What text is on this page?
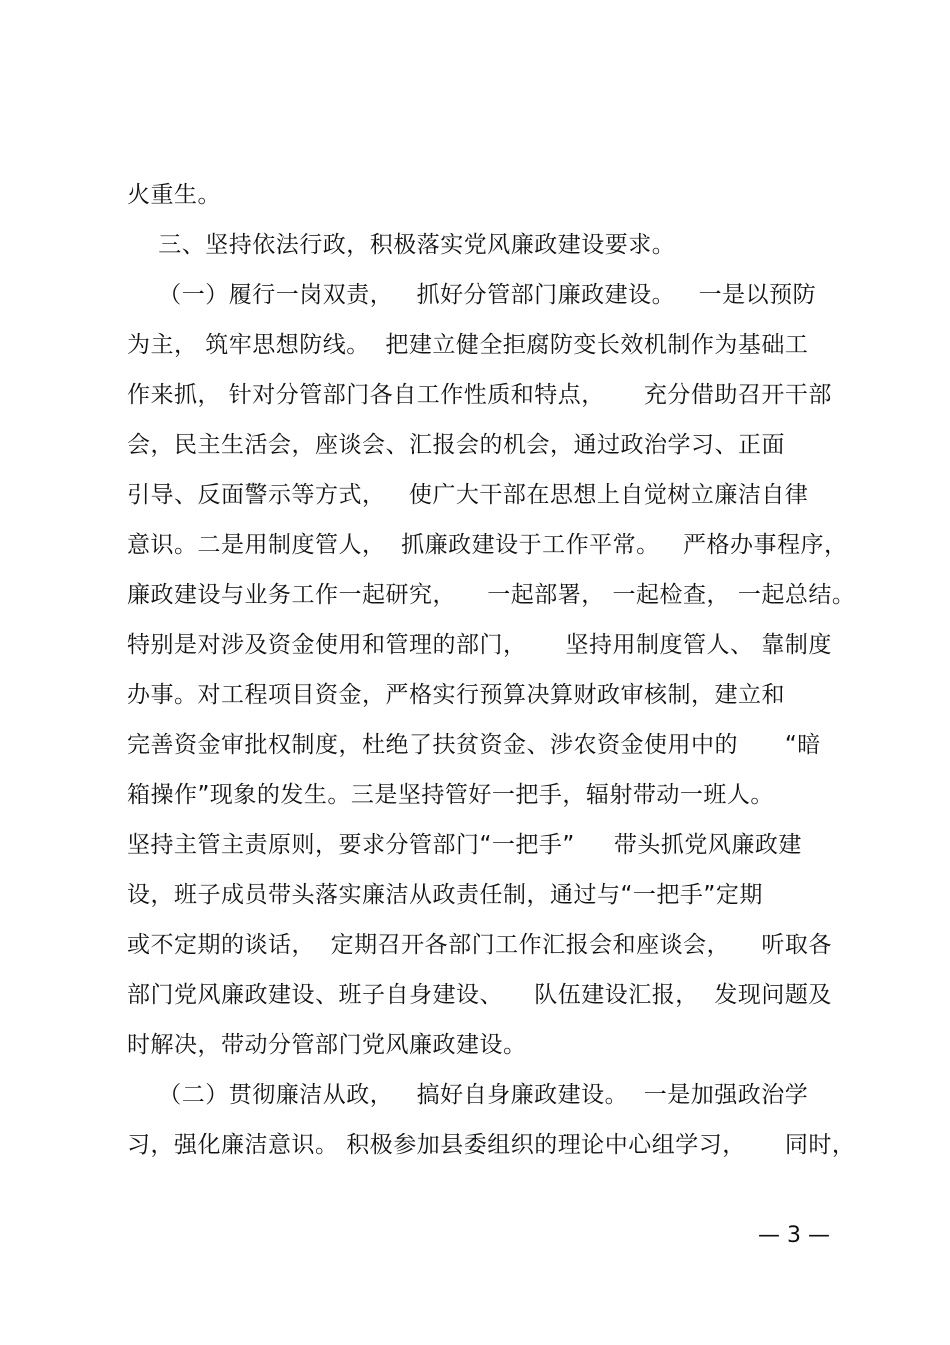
火重生。
三、坚持依法行政，积极落实党风廉政建设要求。
（一）履行一岗双责，   抓好分管部门廉政建设。   一是以预防
为主， 筑牢思想防线。  把建立健全拒腐防变长效机制作为基础工
作来抓， 针对分管部门各自工作性质和特点，     充分借助召开干部
会，民主生活会，座谈会、汇报会的机会，通过政治学习、正面
引导、反面警示等方式，   使广大干部在思想上自觉树立廉洁自律
意识。二是用制度管人，  抓廉政建设于工作平常。   严格办事程序，
廉政建设与业务工作一起研究，    一起部署， 一起检查， 一起总结。
特别是对涉及资金使用和管理的部门，     坚持用制度管人、 靠制度
办事。对工程项目资金，严格实行预算决算财政审核制，建立和
完善资金审批权制度，杜绝了扶贫资金、涉农资金使用中的      “暗
箱操作”现象的发生。三是坚持管好一把手，辐射带动一班人。
坚持主管主责原则，要求分管部门“一把手”     带头抓党风廉政建
设，班子成员带头落实廉洁从政责任制，通过与“一把手”定期
或不定期的谈话，  定期召开各部门工作汇报会和座谈会，    听取各
部门党风廉政建设、班子自身建设、    队伍建设汇报，  发现问题及
时解决，带动分管部门党风廉政建设。
（二）贯彻廉洁从政，   搞好自身廉政建设。  一是加强政治学
习，强化廉洁意识。 积极参加县委组织的理论中心组学习，     同时，
— 3 —
